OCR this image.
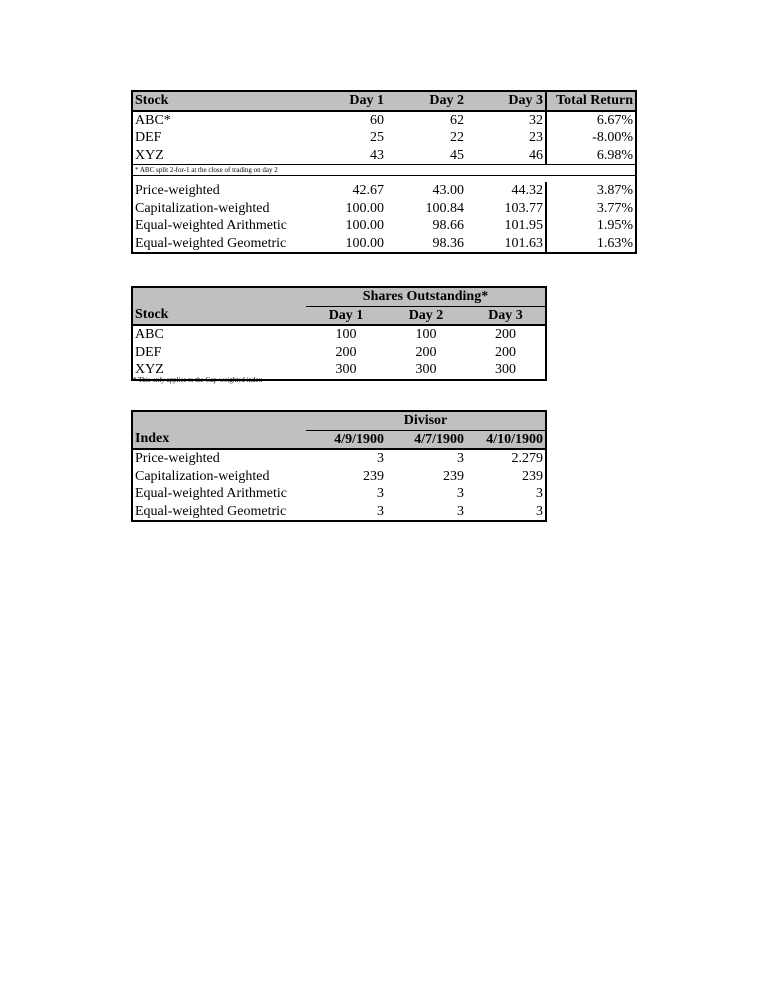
Stock	Day 1	Day 2	Day 3	Total Return
ABC*	60	62	32	6.67%
DEF	25	22	23	-8.00%
XYZ	43	45	46	6.98%
* ABC split 2-for-1 at the close of trading on day 2				

Price-weighted	42.67	43.00	44.32	3.87%
Capitalization-weighted	100.00	100.84	103.77	3.77%
Equal-weighted Arithmetic	100.00	98.66	101.95	1.95%
Equal-weighted Geometric	100.00	98.36	101.63	1.63%
	Shares Outstanding*		
Stock	Day 1	Day 2	Day 3
ABC	100	100	200
DEF	200	200	200
XYZ	300	300	300
* This only applies to the Cap-weighted index
	Divisor		
Index	4/9/1900	4/7/1900	4/10/1900
Price-weighted	3	3	2.279
Capitalization-weighted	239	239	239
Equal-weighted Arithmetic	3	3	3
Equal-weighted Geometric	3	3	3
